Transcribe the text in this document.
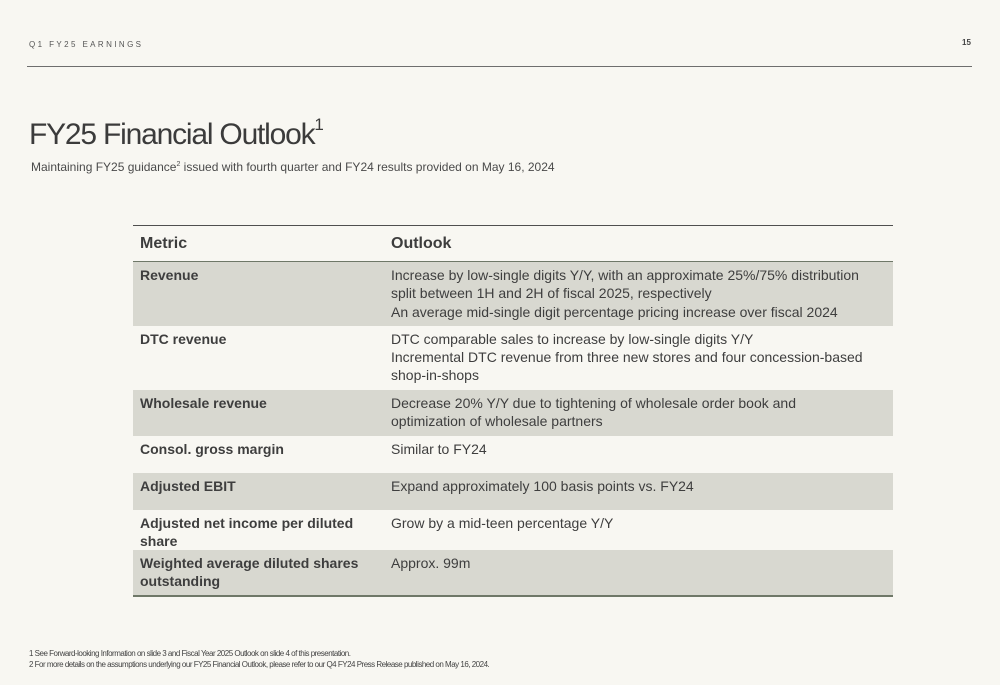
Q1 FY25 EARNINGS	15
FY25 Financial Outlook$^1$
Maintaining FY25 guidance$^2$ issued with fourth quarter and FY24 results provided on May 16, 2024
Metric	Outlook
Revenue	Increase by low-single digits Y/Y, with an approximate 25%/75% distribution split between 1H and 2H of fiscal 2025, respectively
An average mid-single digit percentage pricing increase over fiscal 2024

DTC revenue	DTC comparable sales to increase by low-single digits Y/Y
Incremental DTC revenue from three new stores and four concession-based shop-in-shops

Wholesale revenue	Decrease 20% Y/Y due to tightening of wholesale order book and optimization of wholesale partners

Consol. gross margin	Similar to FY24

Adjusted EBIT	Expand approximately 100 basis points vs. FY24

Adjusted net income per diluted share	Grow by a mid-teen percentage Y/Y

Weighted average diluted shares outstanding	Approx. 99m
1 See Forward-looking Information on slide 3 and Fiscal Year 2025 Outlook on slide 4 of this presentation.
2 For more details on the assumptions underlying our FY25 Financial Outlook, please refer to our Q4 FY24 Press Release published on May 16, 2024.
